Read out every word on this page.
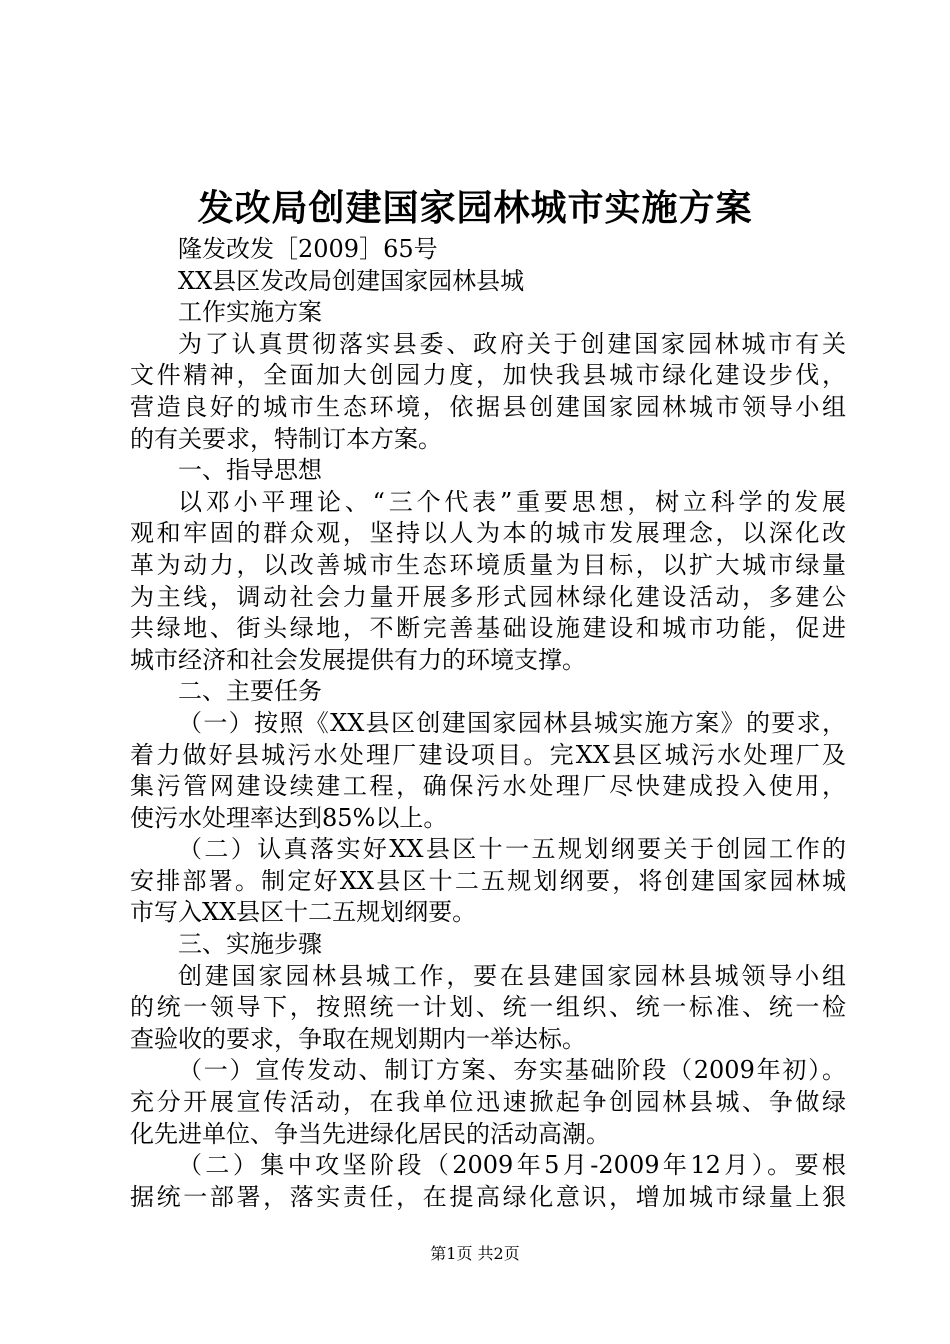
发改局创建国家园林城市实施方案
隆发改发［2009］65号
XX县区发改局创建国家园林县城
工作实施方案
为了认真贯彻落实县委、政府关于创建国家园林城市有关
文件精神，全面加大创园力度，加快我县城市绿化建设步伐，
营造良好的城市生态环境，依据县创建国家园林城市领导小组
的有关要求，特制订本方案。
一、指导思想
以邓小平理论、“三个代表”重要思想，树立科学的发展
观和牢固的群众观，坚持以人为本的城市发展理念，以深化改
革为动力，以改善城市生态环境质量为目标，以扩大城市绿量
为主线，调动社会力量开展多形式园林绿化建设活动，多建公
共绿地、街头绿地，不断完善基础设施建设和城市功能，促进
城市经济和社会发展提供有力的环境支撑。
二、主要任务
（一）按照《XX县区创建国家园林县城实施方案》的要求，
着力做好县城污水处理厂建设项目。完XX县区城污水处理厂及
集污管网建设续建工程，确保污水处理厂尽快建成投入使用，
使污水处理率达到85%以上。
（二）认真落实好XX县区十一五规划纲要关于创园工作的
安排部署。制定好XX县区十二五规划纲要，将创建国家园林城
市写入XX县区十二五规划纲要。
三、实施步骤
创建国家园林县城工作，要在县建国家园林县城领导小组
的统一领导下，按照统一计划、统一组织、统一标准、统一检
查验收的要求，争取在规划期内一举达标。
（一）宣传发动、制订方案、夯实基础阶段（2009年初）。
充分开展宣传活动，在我单位迅速掀起争创园林县城、争做绿
化先进单位、争当先进绿化居民的活动高潮。
（二）集中攻坚阶段（2009年5月-2009年12月）。要根
据统一部署，落实责任，在提高绿化意识，增加城市绿量上狠
第1页 共2页
